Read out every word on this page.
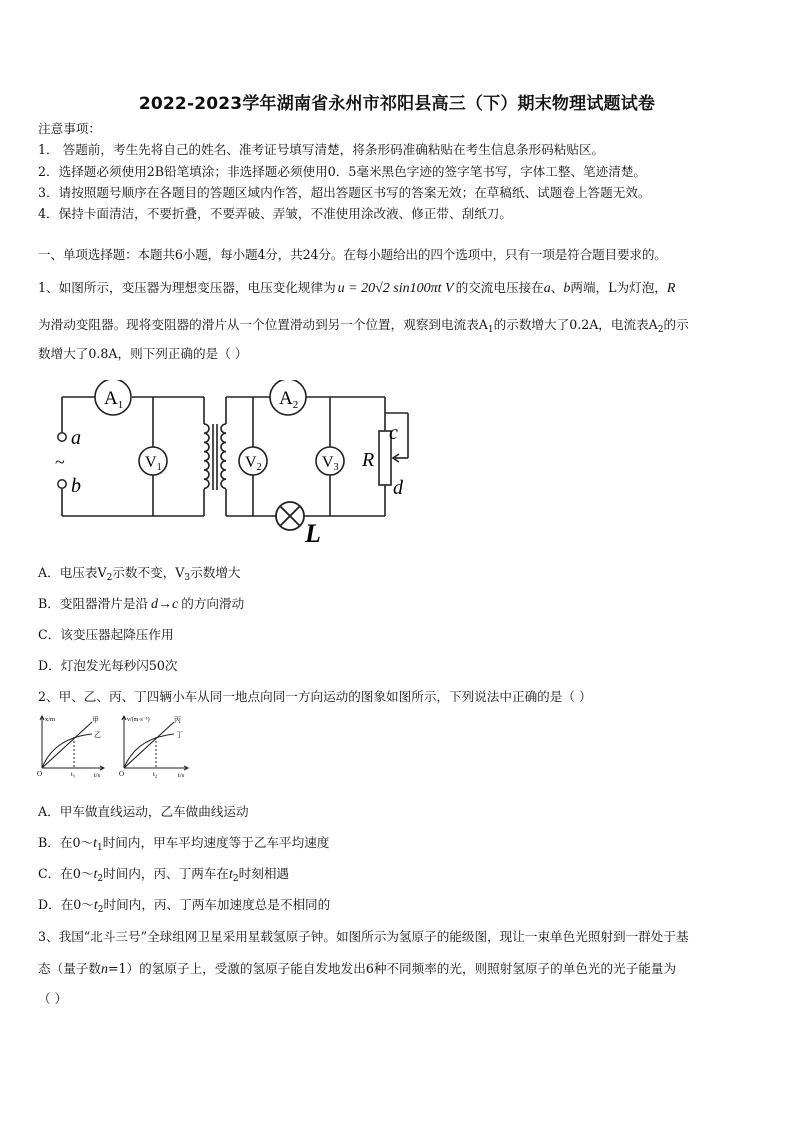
2022-2023学年湖南省永州市祁阳县高三（下）期末物理试题试卷
注意事项：
1． 答题前，考生先将自己的姓名、准考证号填写清楚，将条形码准确粘贴在考生信息条形码粘贴区。
2．选择题必须使用2B铅笔填涂；非选择题必须使用0．5毫米黑色字迹的签字笔书写，字体工整、笔迹清楚。
3．请按照题号顺序在各题目的答题区域内作答，超出答题区书写的答案无效；在草稿纸、试题卷上答题无效。
4．保持卡面清洁，不要折叠，不要弄破、弄皱，不准使用涂改液、修正带、刮纸刀。
一、单项选择题：本题共6小题，每小题4分，共24分。在每小题给出的四个选项中，只有一项是符合题目要求的。
1、如图所示，变压器为理想变压器，电压变化规律为 u = 20√2 sin100πt V 的交流电压接在a、b两端，L为灯泡，R
为滑动变阻器。现将变阻器的滑片从一个位置滑动到另一个位置，观察到电流表$A_1$的示数增大了0.2A，电流表$A_2$的示
数增大了0.8A，则下列正确的是（ ）
$A_1$	$A_2$
V1	V2	V3
a
~
b
R
c
d
L
A．电压表$V_2$示数不变，$V_3$示数增大
B．变阻器滑片是沿 d→c 的方向滑动
C．该变压器起降压作用
D．灯泡发光每秒闪50次
2、甲、乙、丙、丁四辆小车从同一地点向同一方向运动的图象如图所示，下列说法中正确的是（ ）
x/m
t/s
O	$t_1$
甲
乙
v/(m·s⁻¹)
t/s
O	$t_2$
丙
丁
A．甲车做直线运动，乙车做曲线运动
B．在$0\sim t_1$时间内，甲车平均速度等于乙车平均速度
C．在$0\sim t_2$时间内，丙、丁两车在$t_2$时刻相遇
D．在$0\sim t_2$时间内，丙、丁两车加速度总是不相同的
3、我国“北斗三号”全球组网卫星采用星载氢原子钟。如图所示为氢原子的能级图，现让一束单色光照射到一群处于基
态（量子数n=1）的氢原子上，受激的氢原子能自发地发出6种不同频率的光，则照射氢原子的单色光的光子能量为
（ ）
